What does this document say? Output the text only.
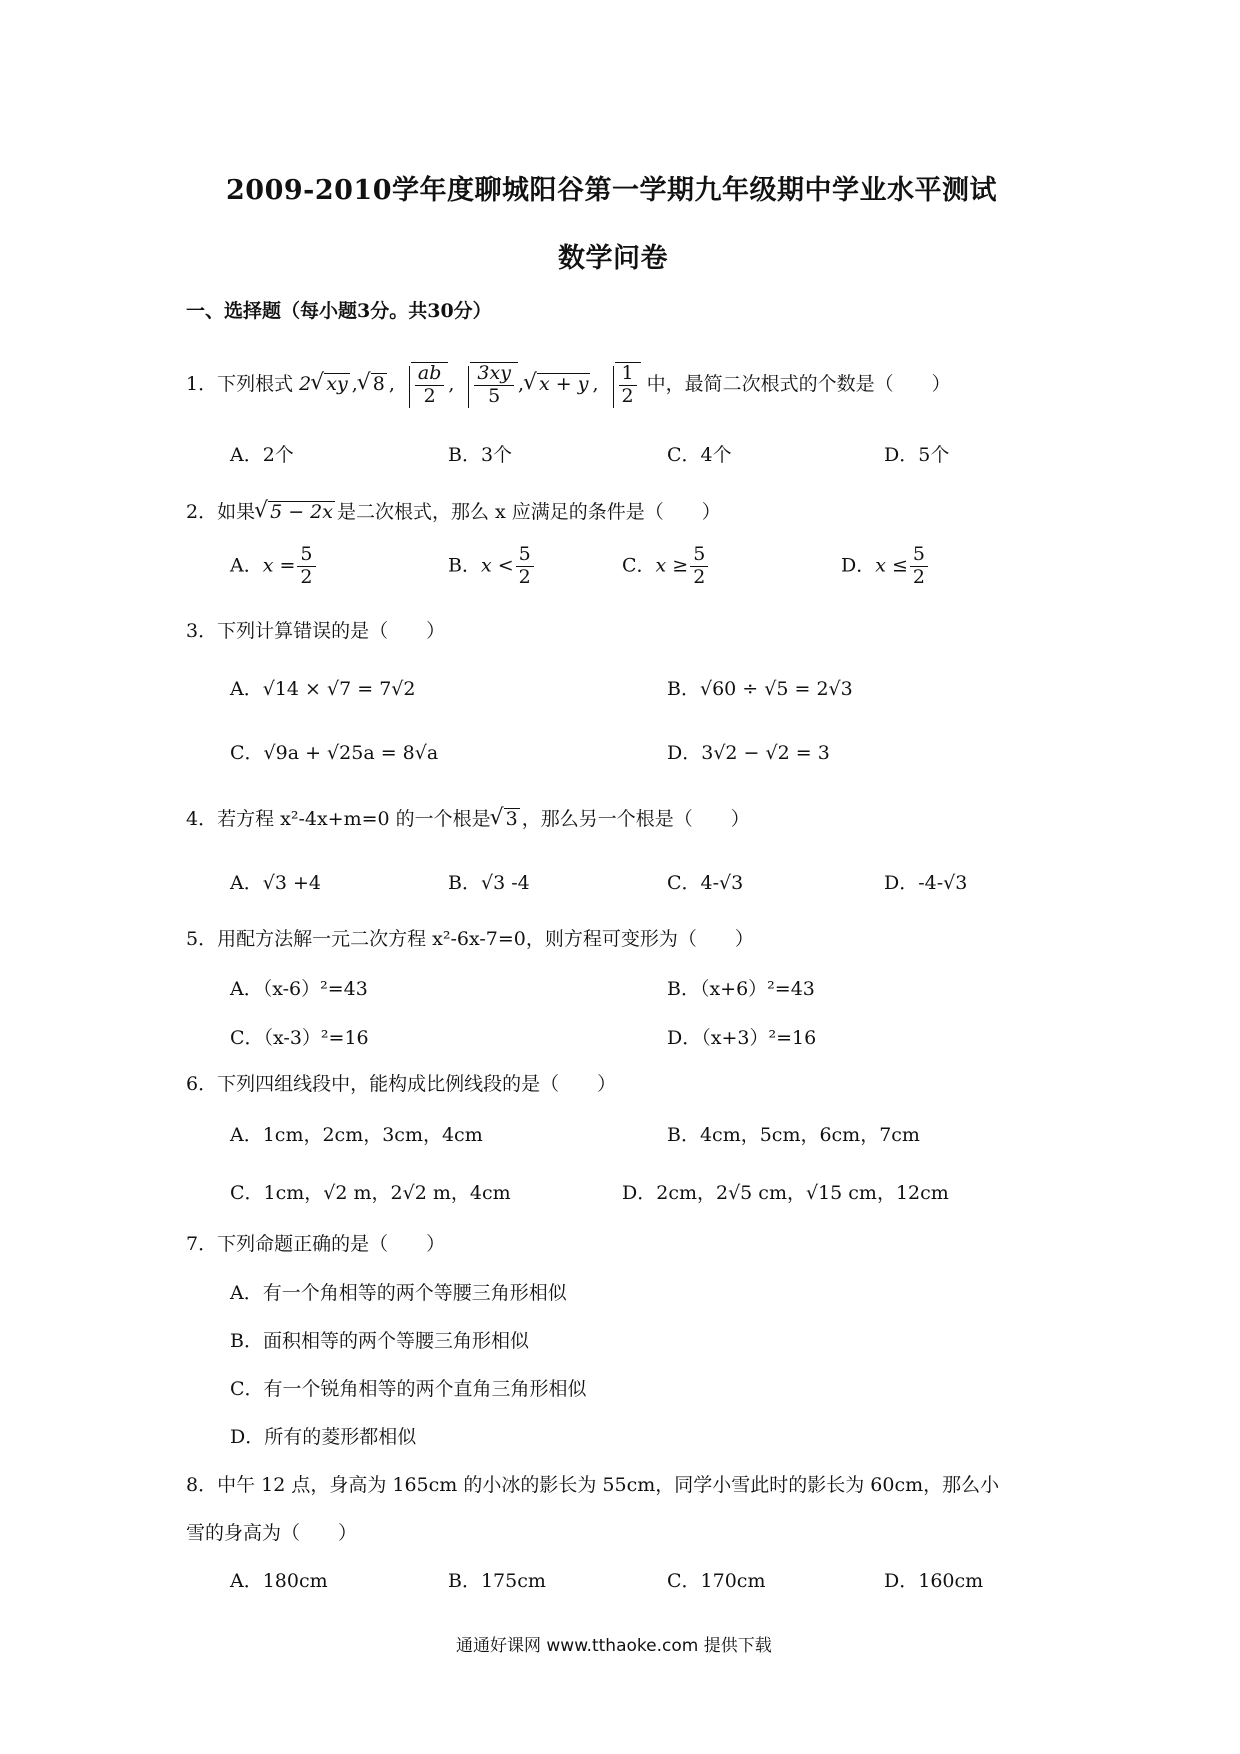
2009-2010学年度聊城阳谷第一学期九年级期中学业水平测试
数学问卷
一、选择题（每小题3分。共30分）
1．下列根式 2 √ xy , √ 8 , $\frac{ab}{2}$ , $\frac{3xy}{5}$ , √ x + y , $\frac{1}{2}$ 中，最简二次根式的个数是（　　）
A．2个	B．3个	C．4个	D．5个
2．如果 √ 5 − 2x 是二次根式，那么 x 应满足的条件是（　　）
A．$x = \frac{5}{2}$	B．$x < \frac{5}{2}$	C．$x \ge \frac{5}{2}$	D．$x \le \frac{5}{2}$
3．下列计算错误的是（　　）
A．√14 × √7 = 7√2	B．√60 ÷ √5 = 2√3
C．√9a + √25a = 8√a	D．3√2 − √2 = 3
4．若方程 x²-4x+m=0 的一个根是 √ 3 ，那么另一个根是（　　）
A．√3 +4	B．√3 -4	C．4-√3	D．-4-√3
5．用配方法解一元二次方程 x²-6x-7=0，则方程可变形为（　　）
A．（x-6）²=43	B．（x+6）²=43
C．（x-3）²=16	D．（x+3）²=16
6．下列四组线段中，能构成比例线段的是（　　）
A．1cm，2cm，3cm，4cm	B．4cm，5cm，6cm，7cm
C．1cm，√2 m，2√2 m，4cm	D．2cm，2√5 cm，√15 cm，12cm
7．下列命题正确的是（　　）
A．有一个角相等的两个等腰三角形相似
B．面积相等的两个等腰三角形相似
C．有一个锐角相等的两个直角三角形相似
D．所有的菱形都相似
8．中午 12 点，身高为 165cm 的小冰的影长为 55cm，同学小雪此时的影长为 60cm，那么小
雪的身高为（　　）
A．180cm	B．175cm	C．170cm	D．160cm
通通好课网 www.tthaoke.com 提供下载
